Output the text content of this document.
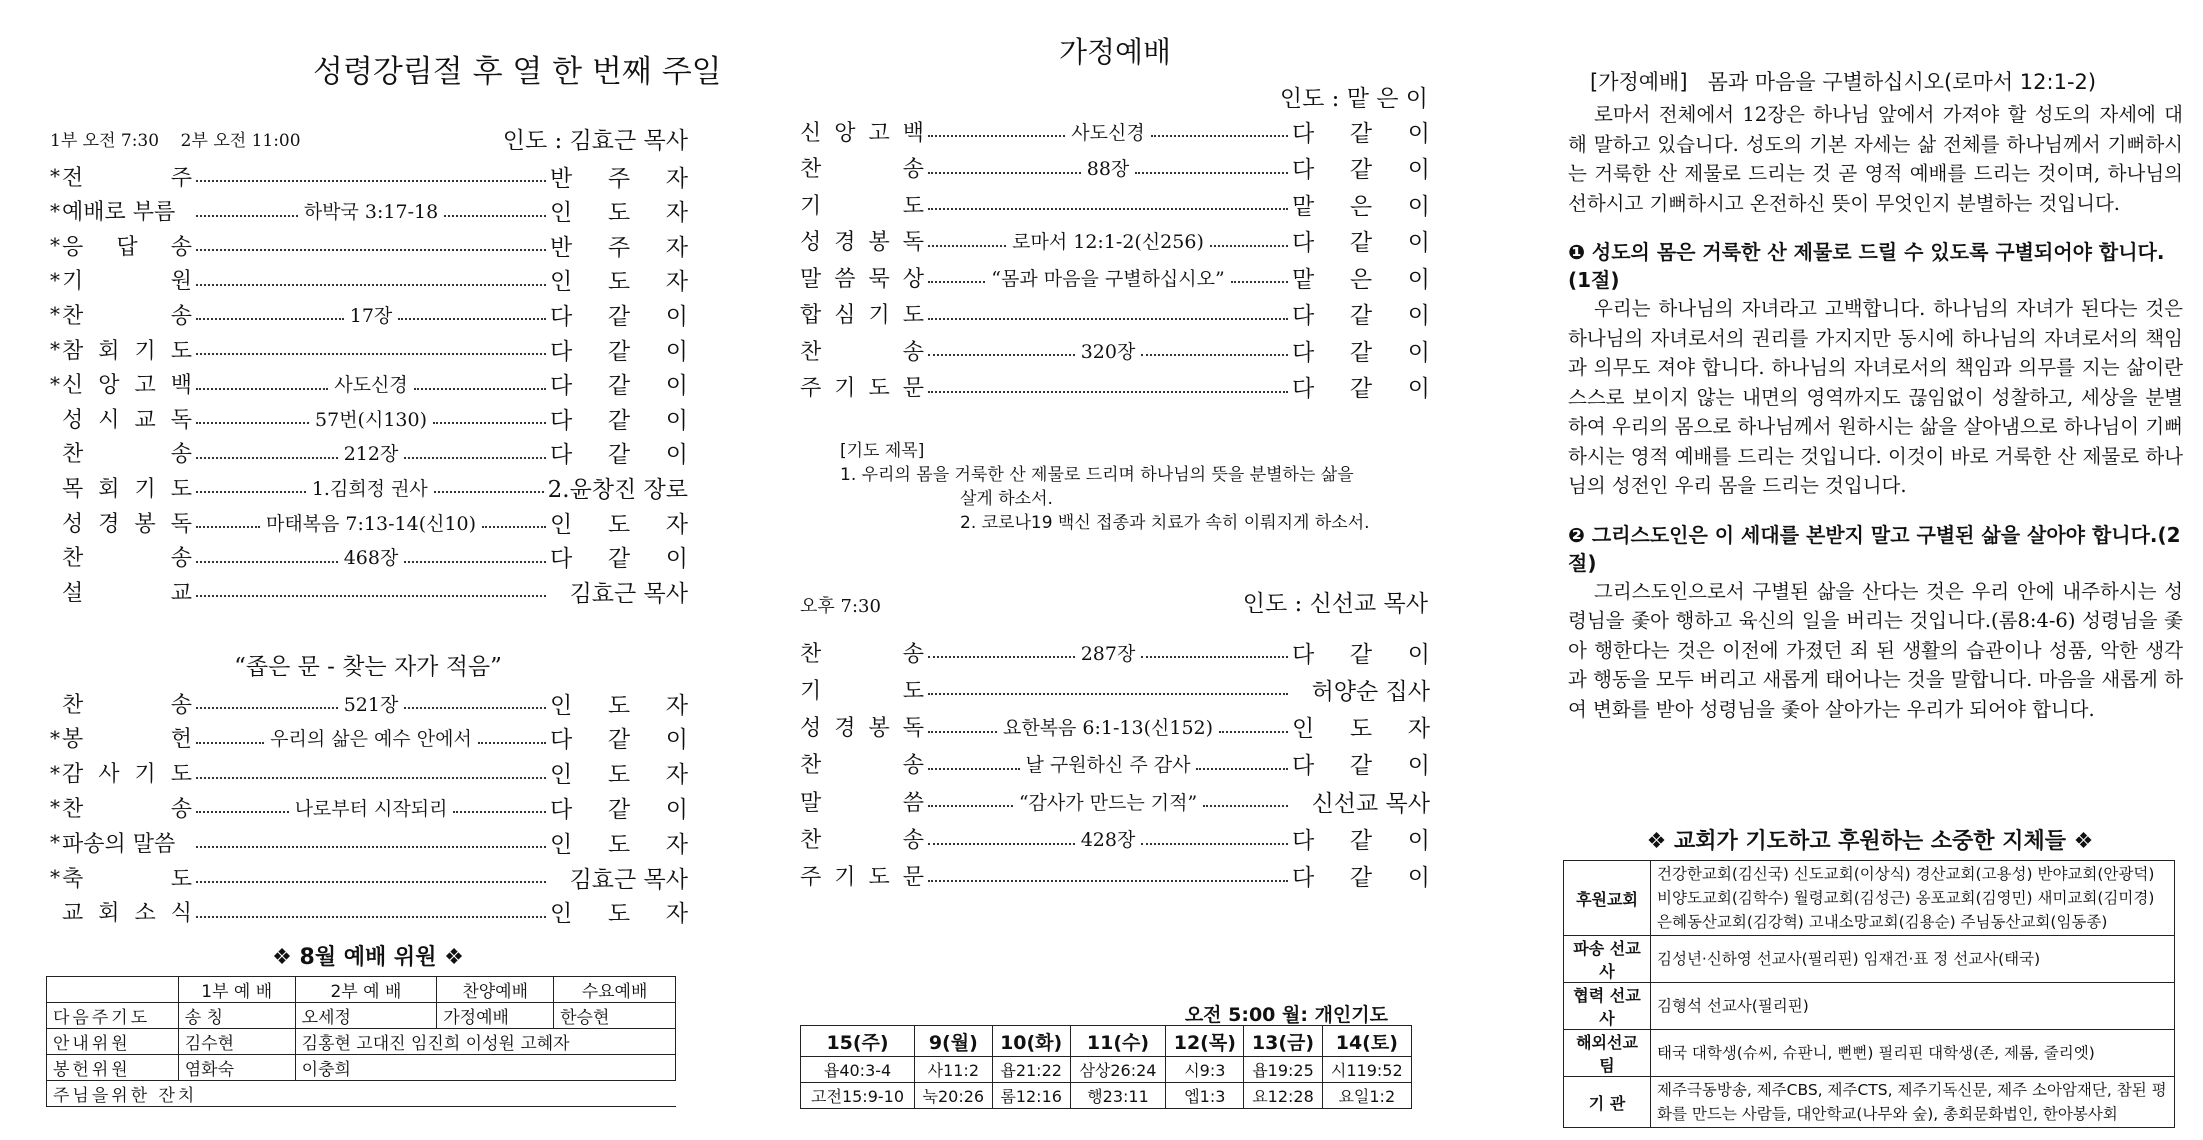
성령강림절 후 열 한 번째 주일
1부 오전 7:30    2부 오전 11:00	인도 : 김효근 목사
* 전	주	반 주 자
* 예배로 부름	하박국 3:17-18	인 도 자
* 응 답 송	반 주 자
* 기	원	인 도 자
* 찬	송	17장	다 같 이
* 참 회 기 도	다 같 이
* 신 앙 고 백	사도신경	다 같 이
성 시 교 독	57번(시130)	다 같 이
찬	송	212장	다 같 이
목 회 기 도	1.김희정 권사	2.윤창진 장로
성 경 봉 독	마태복음 7:13-14(신10)	인 도 자
찬	송	468장	다 같 이
설	교	김효근 목사
“좁은 문 - 찾는 자가 적음”
찬	송	521장	인 도 자
* 봉	헌	우리의 삶은 예수 안에서	다 같 이
* 감 사 기 도	인 도 자
* 찬	송	나로부터 시작되리	다 같 이
* 파송의 말씀	인 도 자
* 축	도	김효근 목사
교 회 소 식	인 도 자
❖ 8월 예배 위원 ❖
	1부 예 배	2부 예 배	찬양예배	수요예배
다음주기도	송 칭	오세정	가정예배	한승현
안내위원	김수현	김홍현 고대진 임진희 이성원 고혜자		
봉헌위원	염화숙	이충희		
주님을위한 잔치				
가정예배
인도 : 맡 은 이
신 앙 고 백	사도신경	다 같 이
찬	송	88장	다 같 이
기	도	맡 은 이
성 경 봉 독	로마서 12:1-2(신256)	다 같 이
말 씀 묵 상	“몸과 마음을 구별하십시오”	맡 은 이
합 심 기 도	다 같 이
찬	송	320장	다 같 이
주 기 도 문	다 같 이
[기도 제목]
1. 우리의 몸을 거룩한 산 제물로 드리며 하나님의 뜻을 분별하는 삶을
살게 하소서.
2. 코로나19 백신 접종과 치료가 속히 이뤄지게 하소서.
오후 7:30	인도 : 신선교 목사
찬	송	287장	다 같 이
기	도	허양순 집사
성 경 봉 독	요한복음 6:1-13(신152)	인 도 자
찬	송	날 구원하신 주 감사	다 같 이
말	씀	“감사가 만드는 기적”	신선교 목사
찬	송	428장	다 같 이
주 기 도 문	다 같 이
오전 5:00 월: 개인기도
15(주)	9(월)	10(화)	11(수)	12(목)	13(금)	14(토)
욥40:3-4	사11:2	욥21:22	삼상26:24	시9:3	욥19:25	시119:52
고전15:9-10	눅20:26	롬12:16	행23:11	엡1:3	요12:28	요일1:2
[가정예배] 몸과 마음을 구별하십시오(로마서 12:1-2)

로마서 전체에서 12장은 하나님 앞에서 가져야 할 성도의 자세에 대해 말하고 있습니다. 성도의 기본 자세는 삶 전체를 하나님께서 기뻐하시는 거룩한 산 제물로 드리는 것 곧 영적 예배를 드리는 것이며, 하나님의 선하시고 기뻐하시고 온전하신 뜻이 무엇인지 분별하는 것입니다.

❶ 성도의 몸은 거룩한 산 제물로 드릴 수 있도록 구별되어야 합니다.(1절)

우리는 하나님의 자녀라고 고백합니다. 하나님의 자녀가 된다는 것은 하나님의 자녀로서의 권리를 가지지만 동시에 하나님의 자녀로서의 책임과 의무도 져야 합니다. 하나님의 자녀로서의 책임과 의무를 지는 삶이란 스스로 보이지 않는 내면의 영역까지도 끊임없이 성찰하고, 세상을 분별하여 우리의 몸으로 하나님께서 원하시는 삶을 살아냄으로 하나님이 기뻐하시는 영적 예배를 드리는 것입니다. 이것이 바로 거룩한 산 제물로 하나님의 성전인 우리 몸을 드리는 것입니다.

❷ 그리스도인은 이 세대를 본받지 말고 구별된 삶을 살아야 합니다.(2절)

그리스도인으로서 구별된 삶을 산다는 것은 우리 안에 내주하시는 성령님을 좇아 행하고 육신의 일을 버리는 것입니다.(롬8:4-6) 성령님을 좇아 행한다는 것은 이전에 가졌던 죄 된 생활의 습관이나 성품, 악한 생각과 행동을 모두 버리고 새롭게 태어나는 것을 말합니다. 마음을 새롭게 하여 변화를 받아 성령님을 좇아 살아가는 우리가 되어야 합니다.

❖ 교회가 기도하고 후원하는 소중한 지체들 ❖
후원교회	건강한교회(김신국) 신도교회(이상식) 경산교회(고용성) 반야교회(안광덕) 비양도교회(김학수) 월령교회(김성근) 옹포교회(김영민) 새미교회(김미경) 은혜동산교회(김강혁) 고내소망교회(김용순) 주님동산교회(임동종)
파송 선교사	김성년·신하영 선교사(필리핀) 임재건·표 정 선교사(태국)
협력 선교사	김형석 선교사(필리핀)
해외선교팀	태국 대학생(슈씨, 슈판니, 뻔뻔) 필리핀 대학생(존, 제롬, 줄리엣)
기 관	제주극동방송, 제주CBS, 제주CTS, 제주기독신문, 제주 소아암재단, 참된 평화를 만드는 사람들, 대안학교(나무와 숲), 총회문화법인, 한아봉사회
